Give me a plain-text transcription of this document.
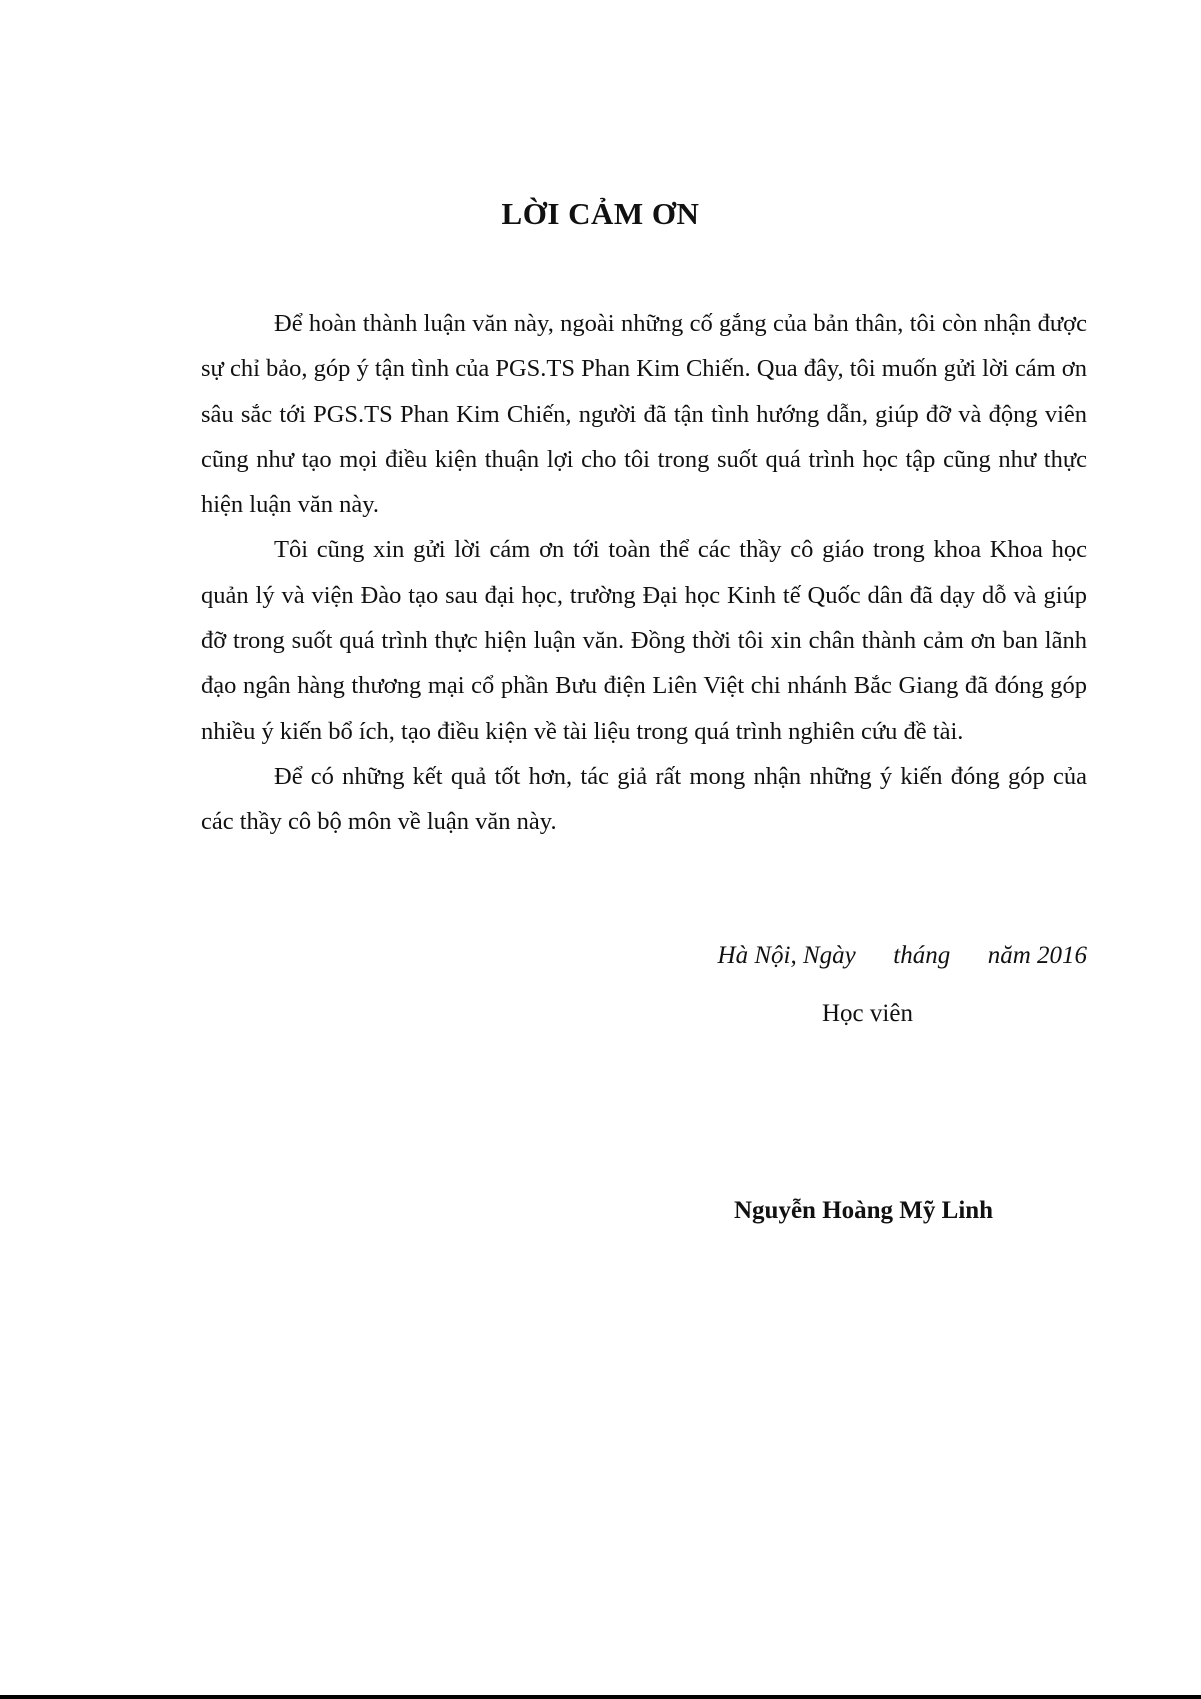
LỜI CẢM ƠN

Để hoàn thành luận văn này, ngoài những cố gắng của bản thân, tôi còn nhận được sự chỉ bảo, góp ý tận tình của PGS.TS Phan Kim Chiến. Qua đây, tôi muốn gửi lời cám ơn sâu sắc tới PGS.TS Phan Kim Chiến, người đã tận tình hướng dẫn, giúp đỡ và động viên cũng như tạo mọi điều kiện thuận lợi cho tôi trong suốt quá trình học tập cũng như thực hiện luận văn này.

Tôi cũng xin gửi lời cám ơn tới toàn thể các thầy cô giáo trong khoa Khoa học quản lý và viện Đào tạo sau đại học, trường Đại học Kinh tế Quốc dân đã dạy dỗ và giúp đỡ trong suốt quá trình thực hiện luận văn. Đồng thời tôi xin chân thành cảm ơn ban lãnh đạo ngân hàng thương mại cổ phần Bưu điện Liên Việt chi nhánh Bắc Giang đã đóng góp nhiều ý kiến bổ ích, tạo điều kiện về tài liệu trong quá trình nghiên cứu đề tài.

Để có những kết quả tốt hơn, tác giả rất mong nhận những ý kiến đóng góp của các thầy cô bộ môn về luận văn này.

Hà Nội, Ngày      tháng      năm 2016
Học viên
Nguyễn Hoàng Mỹ Linh
